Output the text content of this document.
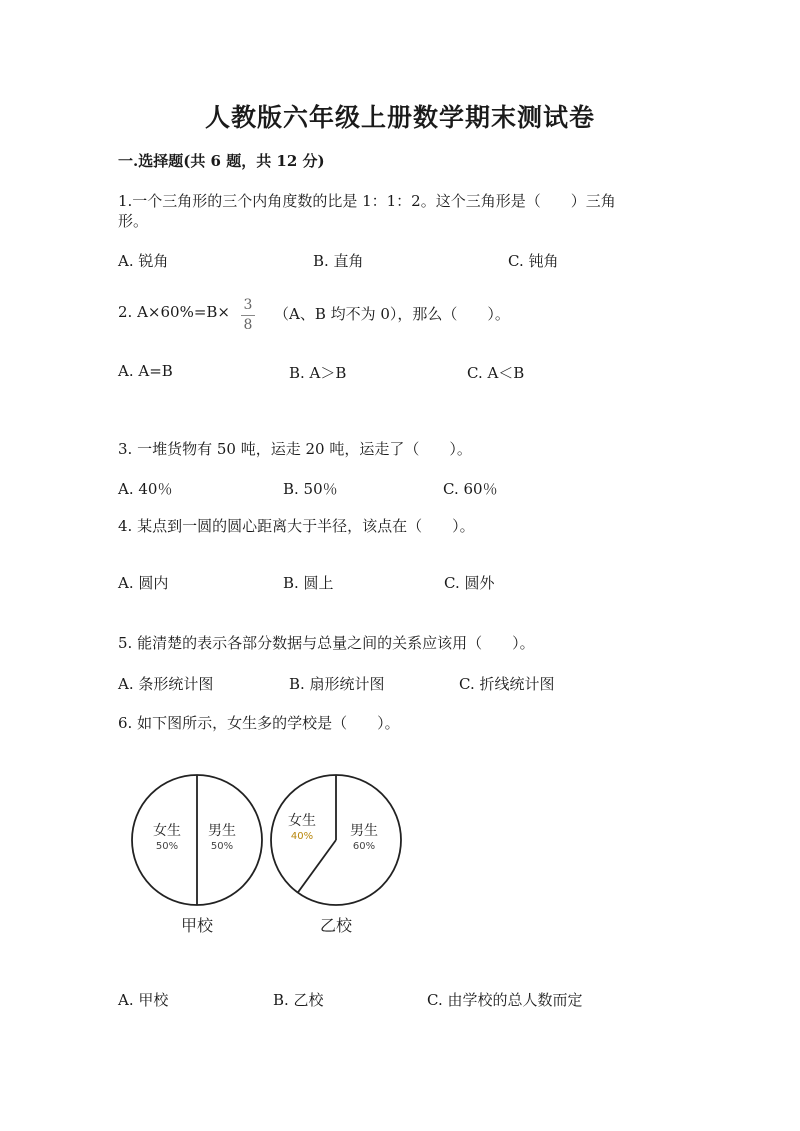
人教版六年级上册数学期末测试卷
一.选择题(共 6 题，共 12 分)
1.一个三角形的三个内角度数的比是 1：1：2。这个三角形是（　　）三角
形。
A. 锐角	B. 直角	C. 钝角
2. A×60%=B× 3
8
（A、B 均不为 0），那么（　　）。
A. A=B	B. A＞B	C. A＜B
3. 一堆货物有 50 吨，运走 20 吨，运走了（　　）。
A. 40％	B. 50％	C. 60％
4. 某点到一圆的圆心距离大于半径，该点在（　　）。
A. 圆内	B. 圆上	C. 圆外
5. 能清楚的表示各部分数据与总量之间的关系应该用（　　）。
A. 条形统计图	B. 扇形统计图	C. 折线统计图
6. 如下图所示，女生多的学校是（　　）。
女生
50%
男生
50%
甲校
女生
40%	男生
60%
乙校
A. 甲校	B. 乙校	C. 由学校的总人数而定
